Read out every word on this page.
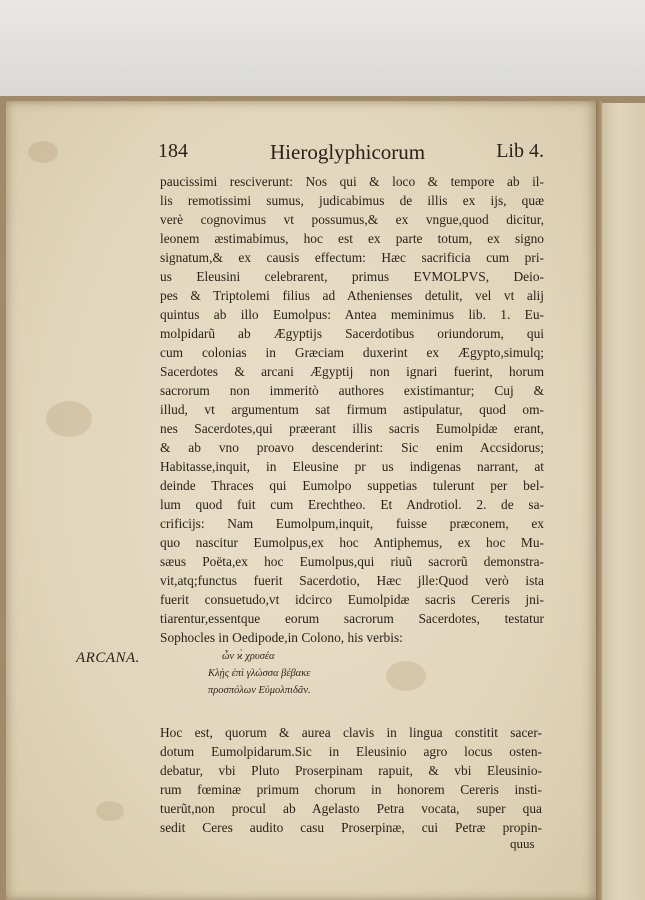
184	Hieroglyphicorum	Lib 4.
paucissimi resciverunt: Nos qui & loco & tempore ab il-
lis remotissimi sumus, judicabimus de illis ex ijs, quæ
verè cognovimus vt possumus,& ex vngue,quod dicitur,
leonem æstimabimus, hoc est ex parte totum, ex signo
signatum,& ex causis effectum: Hæc sacrificia cum pri-
us Eleusini celebrarent, primus EVMOLPVS, Deio-
pes & Triptolemi filius ad Athenienses detulit, vel vt alij
quintus ab illo Eumolpus: Antea meminimus lib. 1. Eu-
molpidarũ ab Ægyptijs Sacerdotibus oriundorum, qui
cum colonias in Græciam duxerint ex Ægypto,simulq;
Sacerdotes & arcani Ægyptij non ignari fuerint, horum
sacrorum non immeritò authores existimantur; Cuj &
illud, vt argumentum sat firmum astipulatur, quod om-
nes Sacerdotes,qui præerant illis sacris Eumolpidæ erant,
& ab vno proavo descenderint: Sic enim Accsidorus;
Habitasse,inquit, in Eleusine pr us indigenas narrant, at
deinde Thraces qui Eumolpo suppetias tulerunt per bel-
lum quod fuit cum Erechtheo. Et Androtiol. 2. de sa-
crificijs: Nam Eumolpum,inquit, fuisse præconem, ex
quo nascitur Eumolpus,ex hoc Antiphemus, ex hoc Mu-
sæus Poëta,ex hoc Eumolpus,qui riuũ sacrorũ demonstra-
vit,atq;functus fuerit Sacerdotio, Hæc jlle:Quod verò ista
fuerit consuetudo,vt idcirco Eumolpidæ sacris Cereris jni-
tiarentur,essentque eorum sacrorum Sacerdotes, testatur
Sophocles in Oedipode,in Colono, his verbis:
ARCANA.	ὧν ϰ̀ χρυσέα
Κλῂς ἐπὶ γλώσσα βέβακε
προσπόλων Εὐμολπιδᾶν.
Hoc est, quorum & aurea clavis in lingua constitit sacer-
dotum Eumolpidarum.Sic in Eleusinio agro locus osten-
debatur, vbi Pluto Proserpinam rapuit, & vbi Eleusinio-
rum fœminæ primum chorum in honorem Cereris insti-
tuerũt,non procul ab Agelasto Petra vocata, super qua
sedit Ceres audito casu Proserpinæ, cui Petræ propin-
quus
